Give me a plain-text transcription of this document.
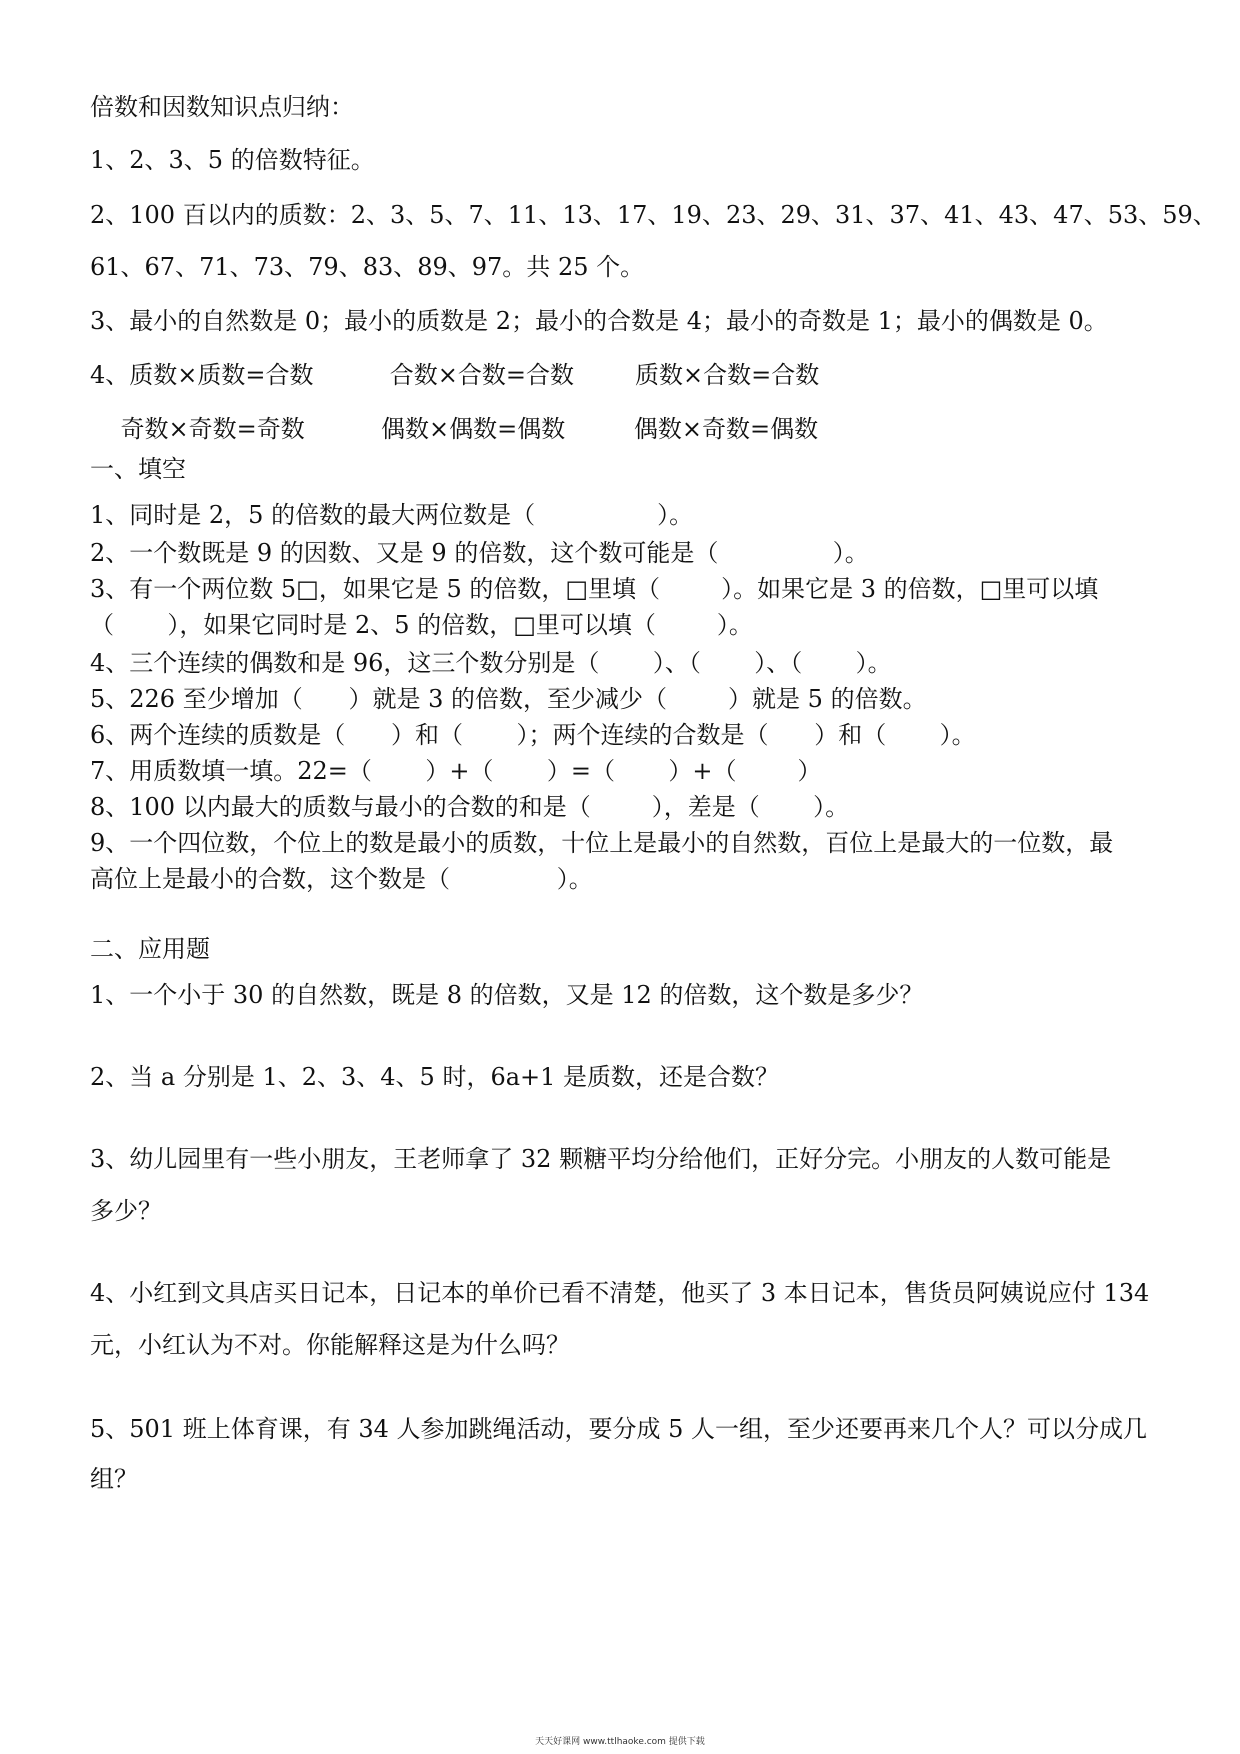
倍数和因数知识点归纳：
1、2、3、5 的倍数特征。
2、100 百以内的质数：2、3、5、7、11、13、17、19、23、29、31、37、41、43、47、53、59、
61、67、71、73、79、83、89、97。共 25 个。
3、最小的自然数是 0；最小的质数是 2；最小的合数是 4；最小的奇数是 1；最小的偶数是 0。
4、质数×质数=合数          合数×合数=合数        质数×合数=合数
奇数×奇数=奇数          偶数×偶数=偶数         偶数×奇数=偶数
一、填空
1、同时是 2，5 的倍数的最大两位数是（                ）。
2、一个数既是 9 的因数、又是 9 的倍数，这个数可能是（               ）。
3、有一个两位数 5□，如果它是 5 的倍数，□里填（        ）。如果它是 3 的倍数，□里可以填
（       ），如果它同时是 2、5 的倍数，□里可以填（        ）。
4、三个连续的偶数和是 96，这三个数分别是（       ）、（       ）、（       ）。
5、226 至少增加（      ）就是 3 的倍数，至少减少（        ）就是 5 的倍数。
6、两个连续的质数是（      ）和（       ）；两个连续的合数是（      ）和（       ）。
7、用质数填一填。22=（       ）+（       ）=（       ）+（        ）
8、100 以内最大的质数与最小的合数的和是（        ），差是（       ）。
9、一个四位数，个位上的数是最小的质数，十位上是最小的自然数，百位上是最大的一位数，最
高位上是最小的合数，这个数是（              ）。
二、应用题
1、一个小于 30 的自然数，既是 8 的倍数，又是 12 的倍数，这个数是多少？
2、当 a 分别是 1、2、3、4、5 时，6a+1 是质数，还是合数？
3、幼儿园里有一些小朋友，王老师拿了 32 颗糖平均分给他们，正好分完。小朋友的人数可能是
多少？
4、小红到文具店买日记本，日记本的单价已看不清楚，他买了 3 本日记本，售货员阿姨说应付 134
元，小红认为不对。你能解释这是为什么吗？
5、501 班上体育课，有 34 人参加跳绳活动，要分成 5 人一组，至少还要再来几个人？可以分成几
组？
天天好课网 www.ttlhaoke.com 提供下载
